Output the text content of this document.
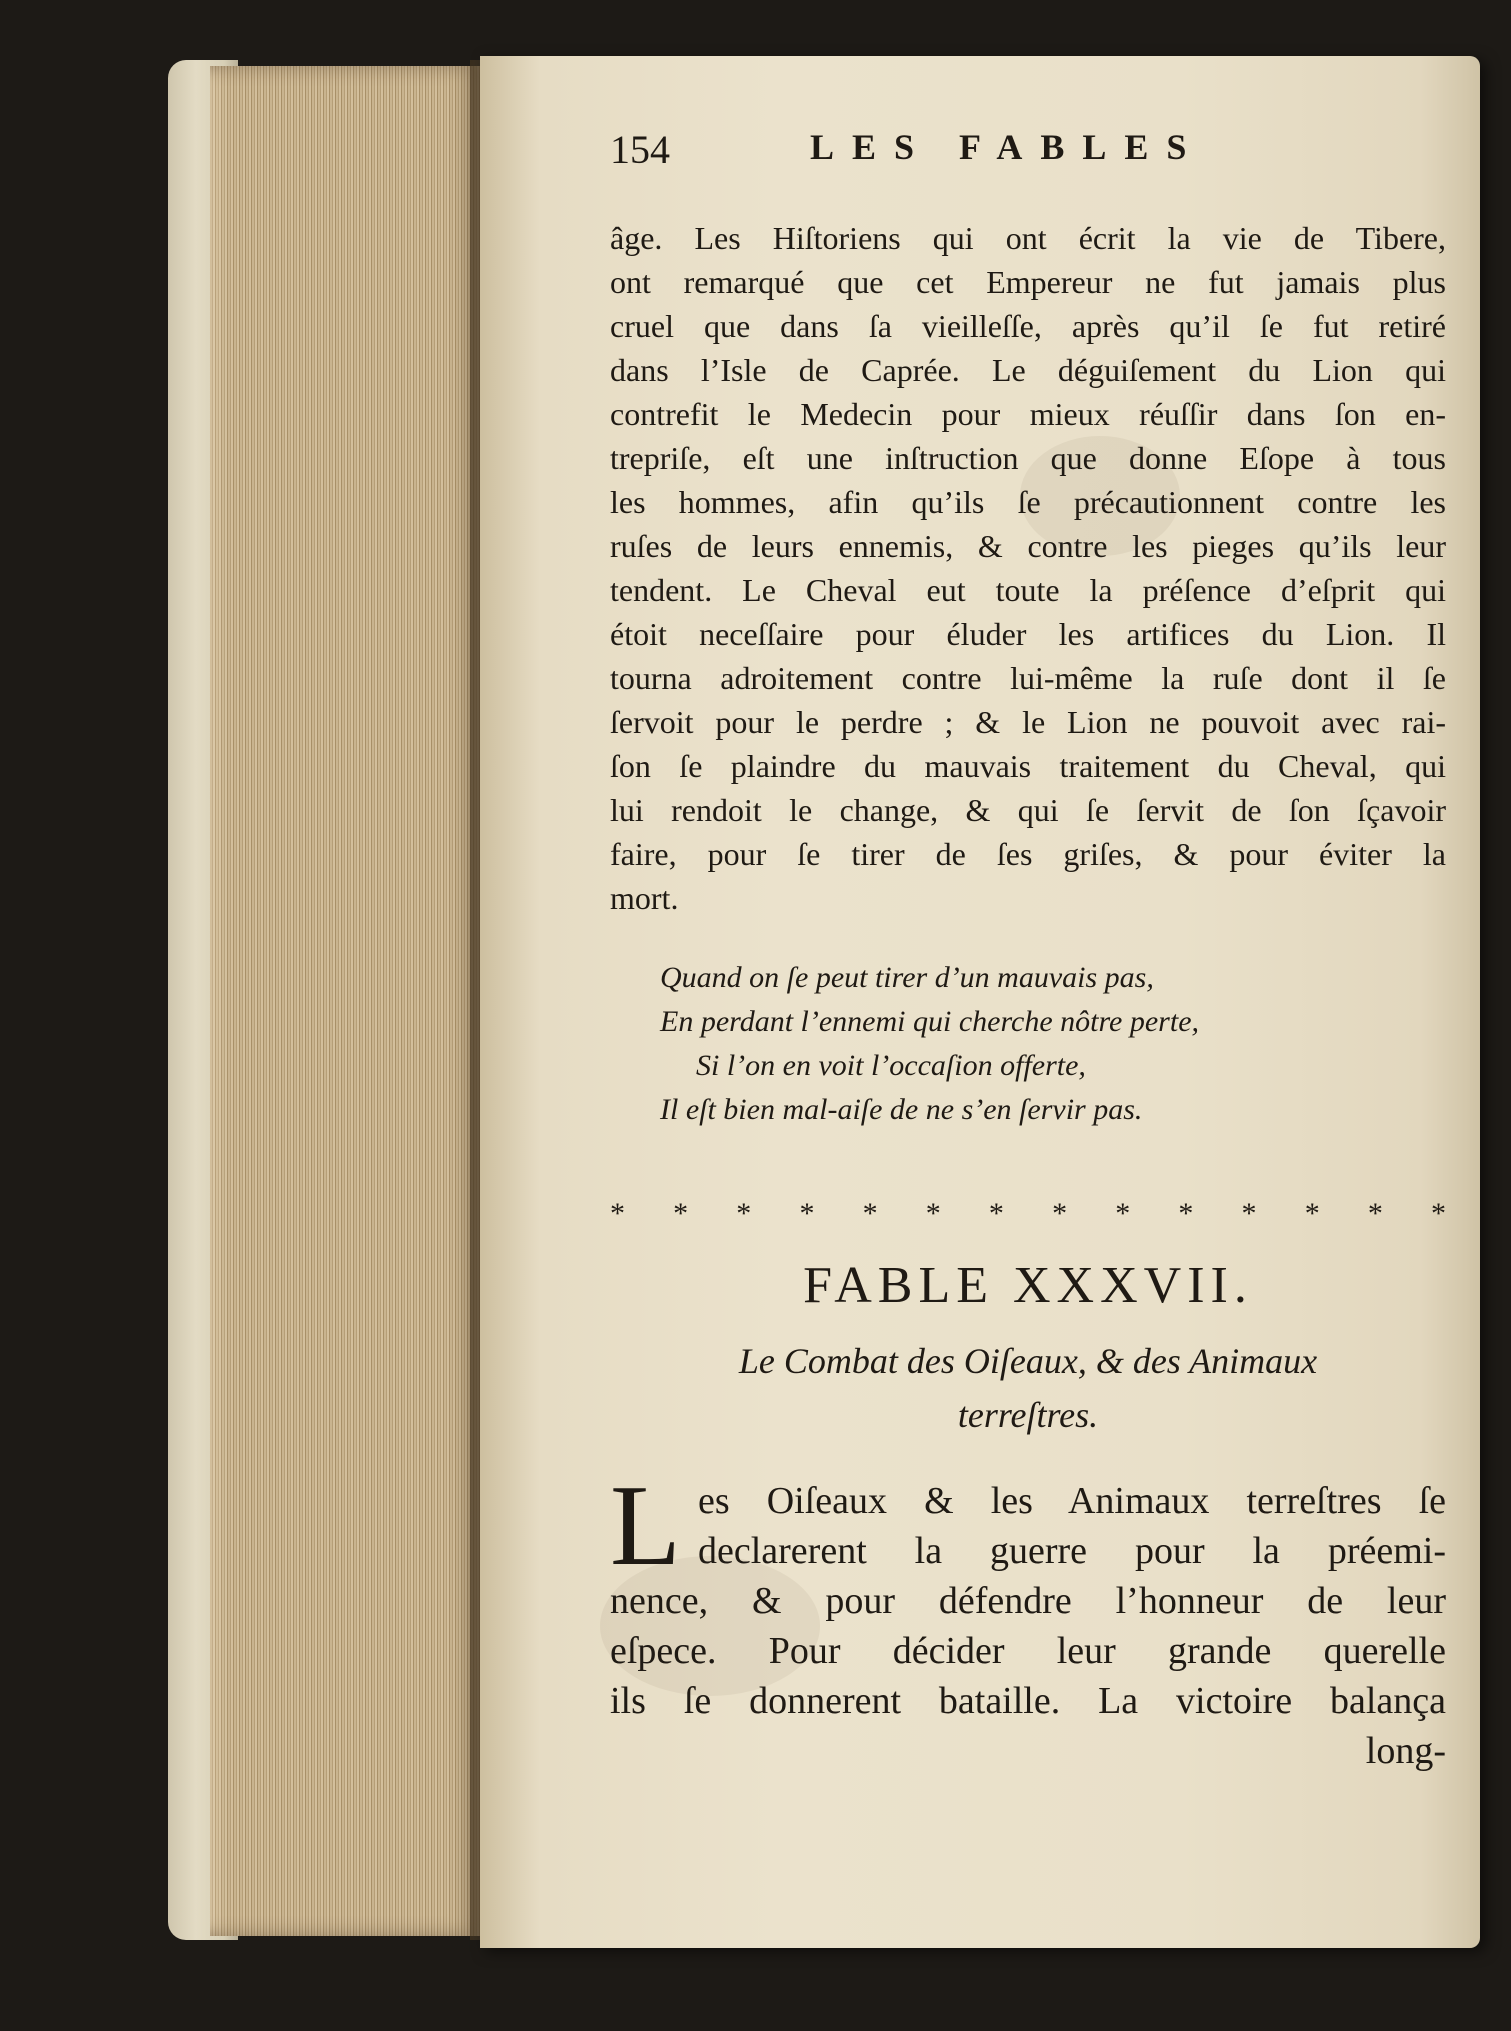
154	LES FABLES
âge. Les Hiſtoriens qui ont écrit la vie de Tibere,
ont remarqué que cet Empereur ne fut jamais plus
cruel que dans ſa vieilleſſe, après qu’il ſe fut retiré
dans l’Isle de Caprée. Le déguiſement du Lion qui
contrefit le Medecin pour mieux réuſſir dans ſon en-
trepriſe, eſt une inſtruction que donne Eſope à tous
les hommes, afin qu’ils ſe précautionnent contre les
ruſes de leurs ennemis, & contre les pieges qu’ils leur
tendent. Le Cheval eut toute la préſence d’eſprit qui
étoit neceſſaire pour éluder les artifices du Lion. Il
tourna adroitement contre lui-même la ruſe dont il ſe
ſervoit pour le perdre ; & le Lion ne pouvoit avec rai-
ſon ſe plaindre du mauvais traitement du Cheval, qui
lui rendoit le change, & qui ſe ſervit de ſon ſçavoir
faire, pour ſe tirer de ſes griſes, & pour éviter la
mort.
Quand on ſe peut tirer d’un mauvais pas,
En perdant l’ennemi qui cherche nôtre perte,
Si l’on en voit l’occaſion offerte,
Il eſt bien mal-aiſe de ne s’en ſervir pas.
* * * * * * * * * * * * * *
FABLE XXXVII.
Le Combat des Oiſeaux, & des Animaux
terreſtres.
L es Oiſeaux & les Animaux terreſtres ſe
declarerent la guerre pour la préemi-
nence, & pour défendre l’honneur de leur
eſpece. Pour décider leur grande querelle
ils ſe donnerent bataille. La victoire balança
long-
